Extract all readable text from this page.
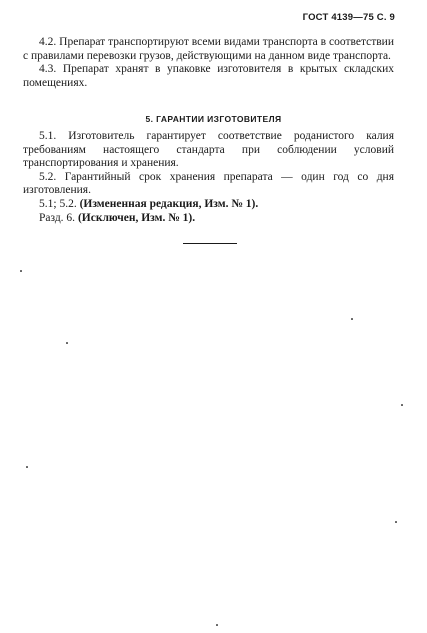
ГОСТ 4139—75 С. 9

4.2. Препарат транспортируют всеми видами транспорта в соответствии с правилами перевозки грузов, действующими на данном виде транспорта.

4.3. Препарат хранят в упаковке изготовителя в крытых складских помещениях.

5. ГАРАНТИИ ИЗГОТОВИТЕЛЯ

5.1. Изготовитель гарантирует соответствие роданистого калия требованиям настоящего стандарта при соблюдении условий транспортирования и хранения.

5.2. Гарантийный срок хранения препарата — один год со дня изготовления.

5.1; 5.2. (Измененная редакция, Изм. № 1).

Разд. 6. (Исключен, Изм. № 1).
